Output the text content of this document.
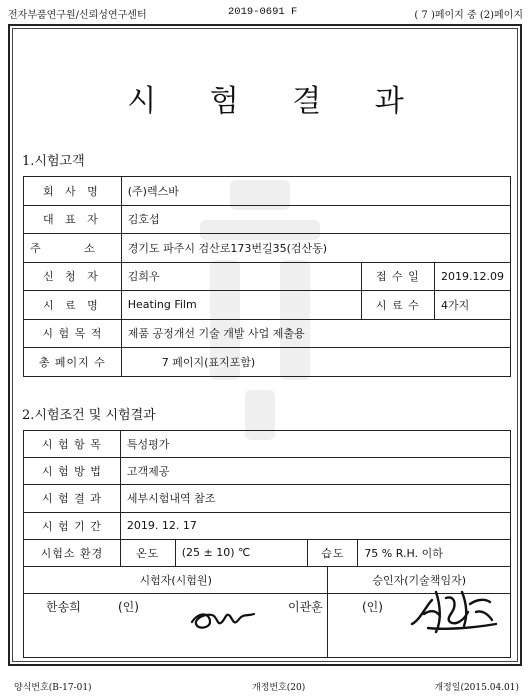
전자부품연구원/신뢰성연구센터	2019-0691 F	( 7 )페이지 중 (2)페이지
시 험 결 과
1.시험고객
회 사 명	(주)렉스바		
대 표 자	김호섭		
주 소	경기도 파주시 검산로173번길35(검산동)		
신 청 자	김희우	접 수 일	2019.12.09
시 료 명	Heating Film	시 료 수	4가지
시 험 목 적	제품 공정개선 기술 개발 사업 제출용		
총 페이지 수	7 페이지(표지포함)		
2.시험조건 및 시험결과
시 험 항 목	특성평가				
시 험 방 법	고객제공				
시 험 결 과	세부시험내역 참조				
시 험 기 간	2019. 12. 17				
시험소 환경	온도	(25 ± 10) ℃	습도		75 % R.H. 이하
시험자(시험원)				승인자(기술책임자)	

한송희	(인)	이관훈	(인)
양식번호(B-17-01)	개정번호(20)	개정일(2015.04.01)
